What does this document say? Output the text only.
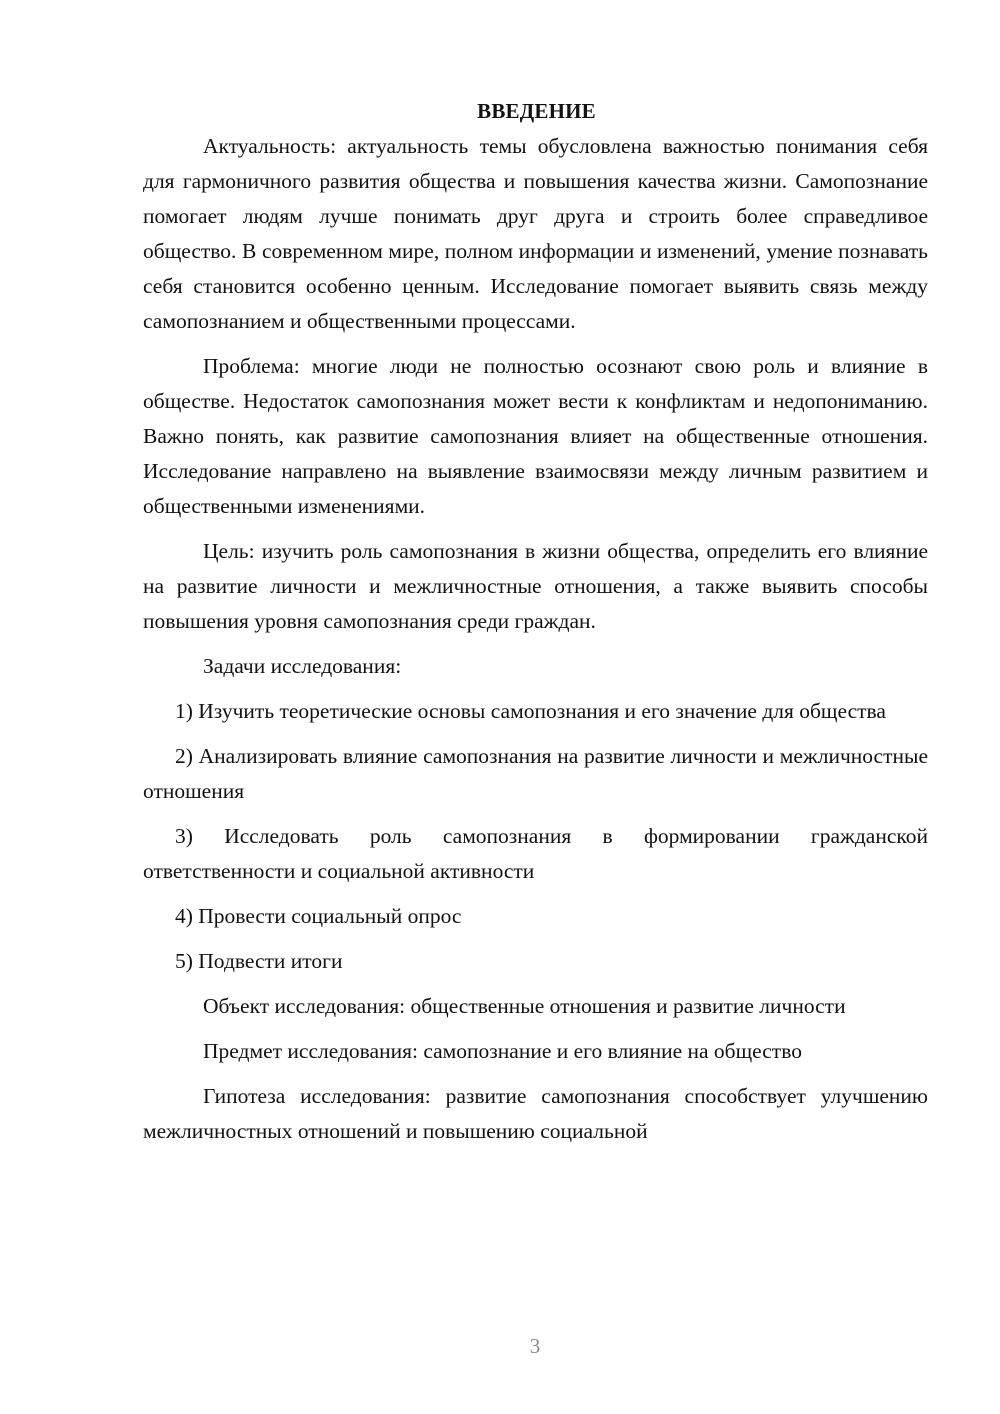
ВВЕДЕНИЕ

Актуальность: актуальность темы обусловлена важностью понимания себя для гармоничного развития общества и повышения качества жизни. Самопознание помогает людям лучше понимать друг друга и строить более справедливое общество. В современном мире, полном информации и изменений, умение познавать себя становится особенно ценным. Исследование помогает выявить связь между самопознанием и общественными процессами.

Проблема: многие люди не полностью осознают свою роль и влияние в обществе. Недостаток самопознания может вести к конфликтам и недопониманию. Важно понять, как развитие самопознания влияет на общественные отношения. Исследование направлено на выявление взаимосвязи между личным развитием и общественными изменениями.

Цель: изучить роль самопознания в жизни общества, определить его влияние на развитие личности и межличностные отношения, а также выявить способы повышения уровня самопознания среди граждан.

Задачи исследования:

1) Изучить теоретические основы самопознания и его значение для общества

2) Анализировать влияние самопознания на развитие личности и межличностные отношения

3) Исследовать роль самопознания в формировании гражданской ответственности и социальной активности

4) Провести социальный опрос

5) Подвести итоги

Объект исследования: общественные отношения и развитие личности

Предмет исследования: самопознание и его влияние на общество

Гипотеза исследования: развитие самопознания способствует улучшению межличностных отношений и повышению социальной

3
